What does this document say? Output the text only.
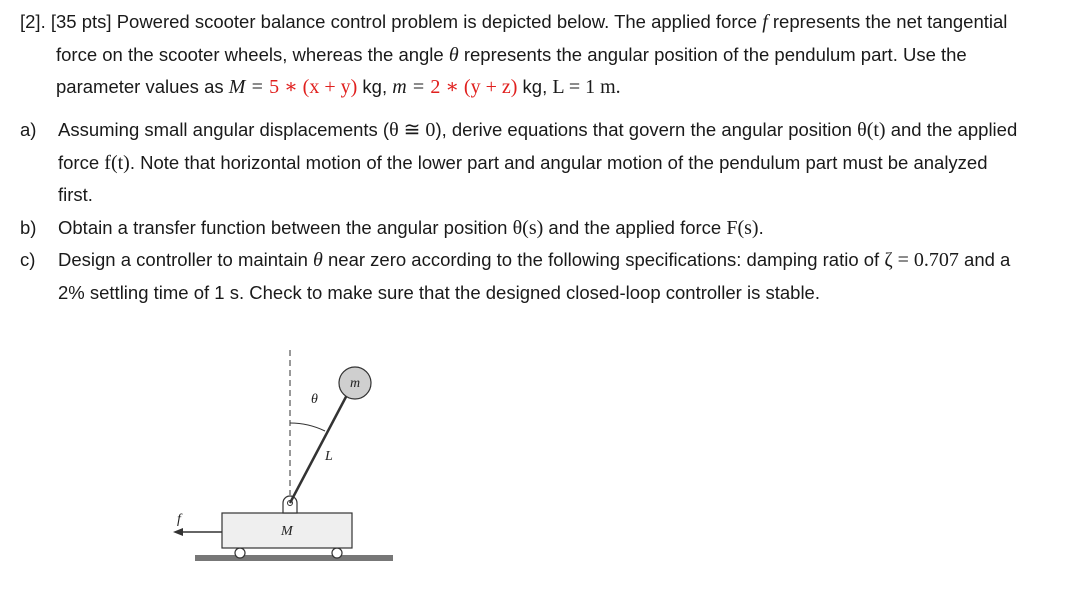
[2]. [35 pts] Powered scooter balance control problem is depicted below. The applied force f represents the net tangential force on the scooter wheels, whereas the angle θ represents the angular position of the pendulum part. Use the parameter values as M = 5 ∗ (x + y) kg, m = 2 ∗ (y + z) kg, L = 1 m.
a)	Assuming small angular displacements (θ ≅ 0), derive equations that govern the angular position θ(t) and the applied force f(t). Note that horizontal motion of the lower part and angular motion of the pendulum part must be analyzed first.
b)	Obtain a transfer function between the angular position θ(s) and the applied force F(s).
c)	Design a controller to maintain θ near zero according to the following specifications: damping ratio of ζ = 0.707 and a 2% settling time of 1 s. Check to make sure that the designed closed-loop controller is stable.
M
θ
L
m
f
